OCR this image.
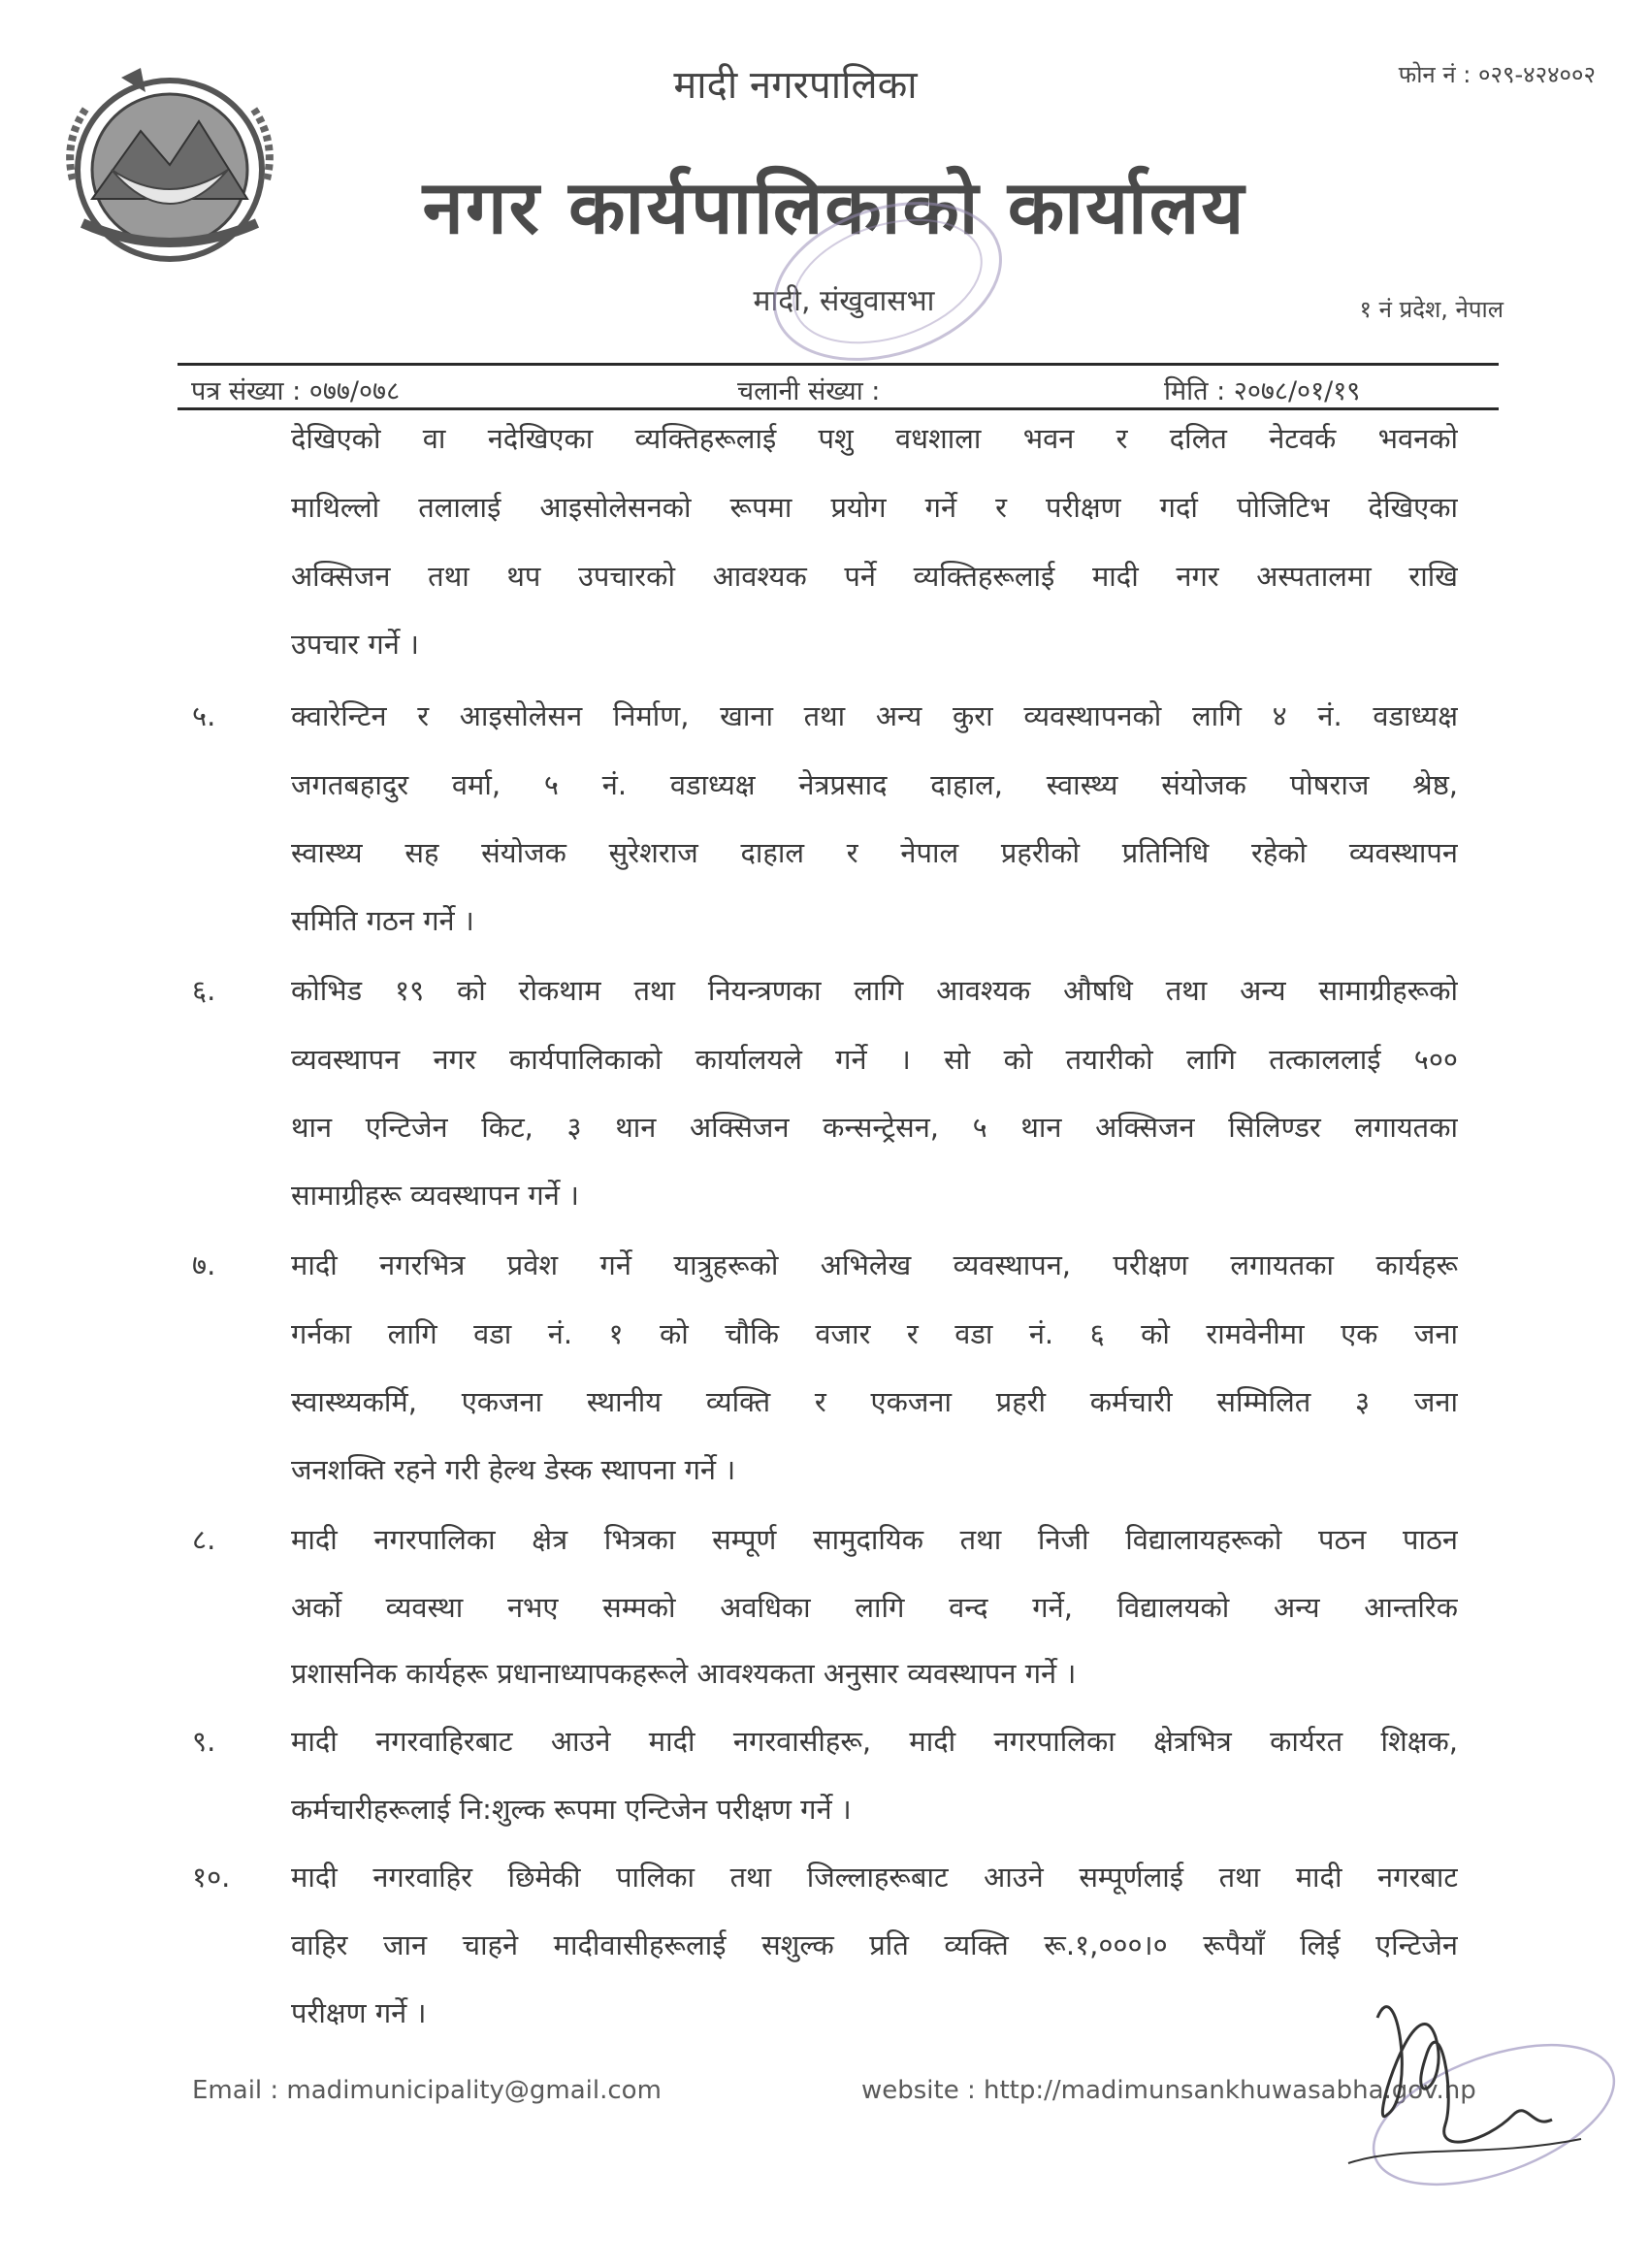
मादी नगरपालिका	फोन नं : ०२९-४२४००२
नगर कार्यपालिकाको कार्यालय
मादी, संखुवासभा	१ नं प्रदेश, नेपाल
पत्र संख्या : ०७७/०७८	चलानी संख्या :	मिति : २०७८/०१/१९
देखिएको वा नदेखिएका व्यक्तिहरूलाई पशु वधशाला भवन र दलित नेटवर्क भवनको
माथिल्लो तलालाई आइसोलेसनको रूपमा प्रयोग गर्ने र परीक्षण गर्दा पोजिटिभ देखिएका
अक्सिजन तथा थप उपचारको आवश्यक पर्ने व्यक्तिहरूलाई मादी नगर अस्पतालमा राखि
उपचार गर्ने ।
५.	क्वारेन्टिन र आइसोलेसन निर्माण, खाना तथा अन्य कुरा व्यवस्थापनको लागि ४ नं. वडाध्यक्ष
जगतबहादुर वर्मा, ५ नं. वडाध्यक्ष नेत्रप्रसाद दाहाल, स्वास्थ्य संयोजक पोषराज श्रेष्ठ,
स्वास्थ्य सह संयोजक सुरेशराज दाहाल र नेपाल प्रहरीको प्रतिनिधि रहेको व्यवस्थापन
समिति गठन गर्ने ।
६.	कोभिड १९ को रोकथाम तथा नियन्त्रणका लागि आवश्यक औषधि तथा अन्य सामाग्रीहरूको
व्यवस्थापन नगर कार्यपालिकाको कार्यालयले गर्ने । सो को तयारीको लागि तत्काललाई ५००
थान एन्टिजेन किट, ३ थान अक्सिजन कन्सन्ट्रेसन, ५ थान अक्सिजन सिलिण्डर लगायतका
सामाग्रीहरू व्यवस्थापन गर्ने ।
७.	मादी नगरभित्र प्रवेश गर्ने यात्रुहरूको अभिलेख व्यवस्थापन, परीक्षण लगायतका कार्यहरू
गर्नका लागि वडा नं. १ को चौकि वजार र वडा नं. ६ को रामवेनीमा एक जना
स्वास्थ्यकर्मि, एकजना स्थानीय व्यक्ति र एकजना प्रहरी कर्मचारी सम्मिलित ३ जना
जनशक्ति रहने गरी हेल्थ डेस्क स्थापना गर्ने ।
८.	मादी नगरपालिका क्षेत्र भित्रका सम्पूर्ण सामुदायिक तथा निजी विद्यालायहरूको पठन पाठन
अर्को व्यवस्था नभए सम्मको अवधिका लागि वन्द गर्ने, विद्यालयको अन्य आन्तरिक
प्रशासनिक कार्यहरू प्रधानाध्यापकहरूले आवश्यकता अनुसार व्यवस्थापन गर्ने ।
९.	मादी नगरवाहिरबाट आउने मादी नगरवासीहरू, मादी नगरपालिका क्षेत्रभित्र कार्यरत शिक्षक,
कर्मचारीहरूलाई नि:शुल्क रूपमा एन्टिजेन परीक्षण गर्ने ।
१०.	मादी नगरवाहिर छिमेकी पालिका तथा जिल्लाहरूबाट आउने सम्पूर्णलाई तथा मादी नगरबाट
वाहिर जान चाहने मादीवासीहरूलाई सशुल्क प्रति व्यक्ति रू.१,०००।० रूपैयाँ लिई एन्टिजेन
परीक्षण गर्ने ।
Email : madimunicipality@gmail.com	website : http://madimunsankhuwasabha.gov.np
